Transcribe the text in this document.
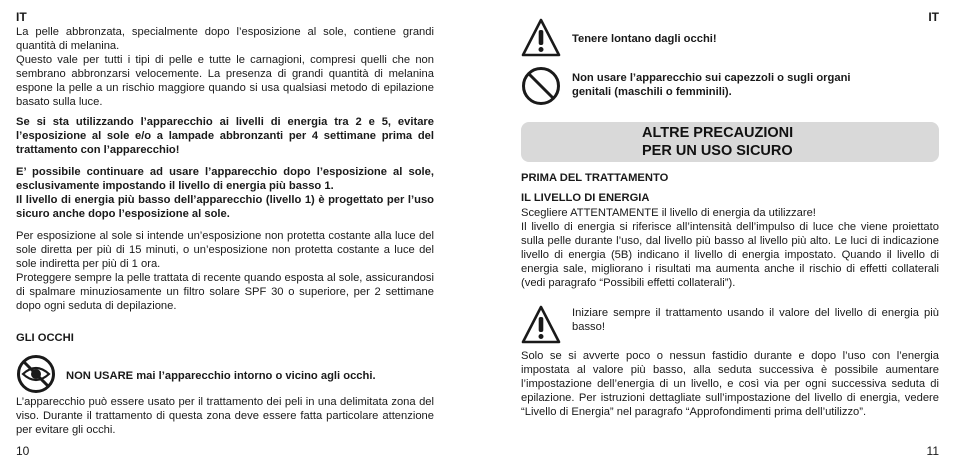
IT

La pelle abbronzata, specialmente dopo l’esposizione al sole, contiene grandi quantità di melanina.

Questo vale per tutti i tipi di pelle e tutte le carnagioni, compresi quelli che non sembrano abbronzarsi velocemente. La presenza di grandi quantità di melanina espone la pelle a un rischio maggiore quando si usa qualsiasi metodo di epilazione basato sulla luce.

Se si sta utilizzando l’apparecchio ai livelli di energia tra 2 e 5, evitare l’esposizione al sole e/o a lampade abbronzanti per 4 settimane prima del trattamento con l’apparecchio!

E’ possibile continuare ad usare l’apparecchio dopo l’esposizione al sole, esclusivamente impostando il livello di energia più basso 1.

Il livello di energia più basso dell’apparecchio (livello 1) è progettato per l’uso sicuro anche dopo l’esposizione al sole.

Per esposizione al sole si intende un’esposizione non protetta costante alla luce del sole diretta per più di 15 minuti, o un’esposizione non protetta costante a luce del sole indiretta per più di 1 ora.

Proteggere sempre la pelle trattata di recente quando esposta al sole, assicurandosi di spalmare minuziosamente un filtro solare SPF 30 o superiore, per 2 settimane dopo ogni seduta di depilazione.

GLI OCCHI
NON USARE mai l’apparecchio intorno o vicino agli occhi.

L’apparecchio può essere usato per il trattamento dei peli in una delimitata zona del viso. Durante il trattamento di questa zona deve essere fatta particolare attenzione per evitare gli occhi.

10
IT
Tenere lontano dagli occhi!
Non usare l’apparecchio sui capezzoli o sugli organi genitali (maschili o femminili).
ALTRE PRECAUZIONI
PER UN USO SICURO
PRIMA DEL TRATTAMENTO
IL LIVELLO DI ENERGIA

Scegliere ATTENTAMENTE il livello di energia da utilizzare!

Il livello di energia si riferisce all’intensità dell’impulso di luce che viene proiettato sulla pelle durante l’uso, dal livello più basso al livello più alto. Le luci di indicazione livello di energia (5B) indicano il livello di energia impostato. Quando il livello di energia sale, migliorano i risultati ma aumenta anche il rischio di effetti collaterali (vedi paragrafo “Possibili effetti collaterali”).

Iniziare sempre il trattamento usando il valore del livello di energia più basso!

Solo se si avverte poco o nessun fastidio durante e dopo l’uso con l’energia impostata al valore più basso, alla seduta successiva è possibile aumentare l’impostazione dell’energia di un livello, e così via per ogni successiva seduta di epilazione. Per istruzioni dettagliate sull’impostazione del livello di energia, vedere “Livello di Energia” nel paragrafo “Approfondimenti prima dell’utilizzo”.

11
